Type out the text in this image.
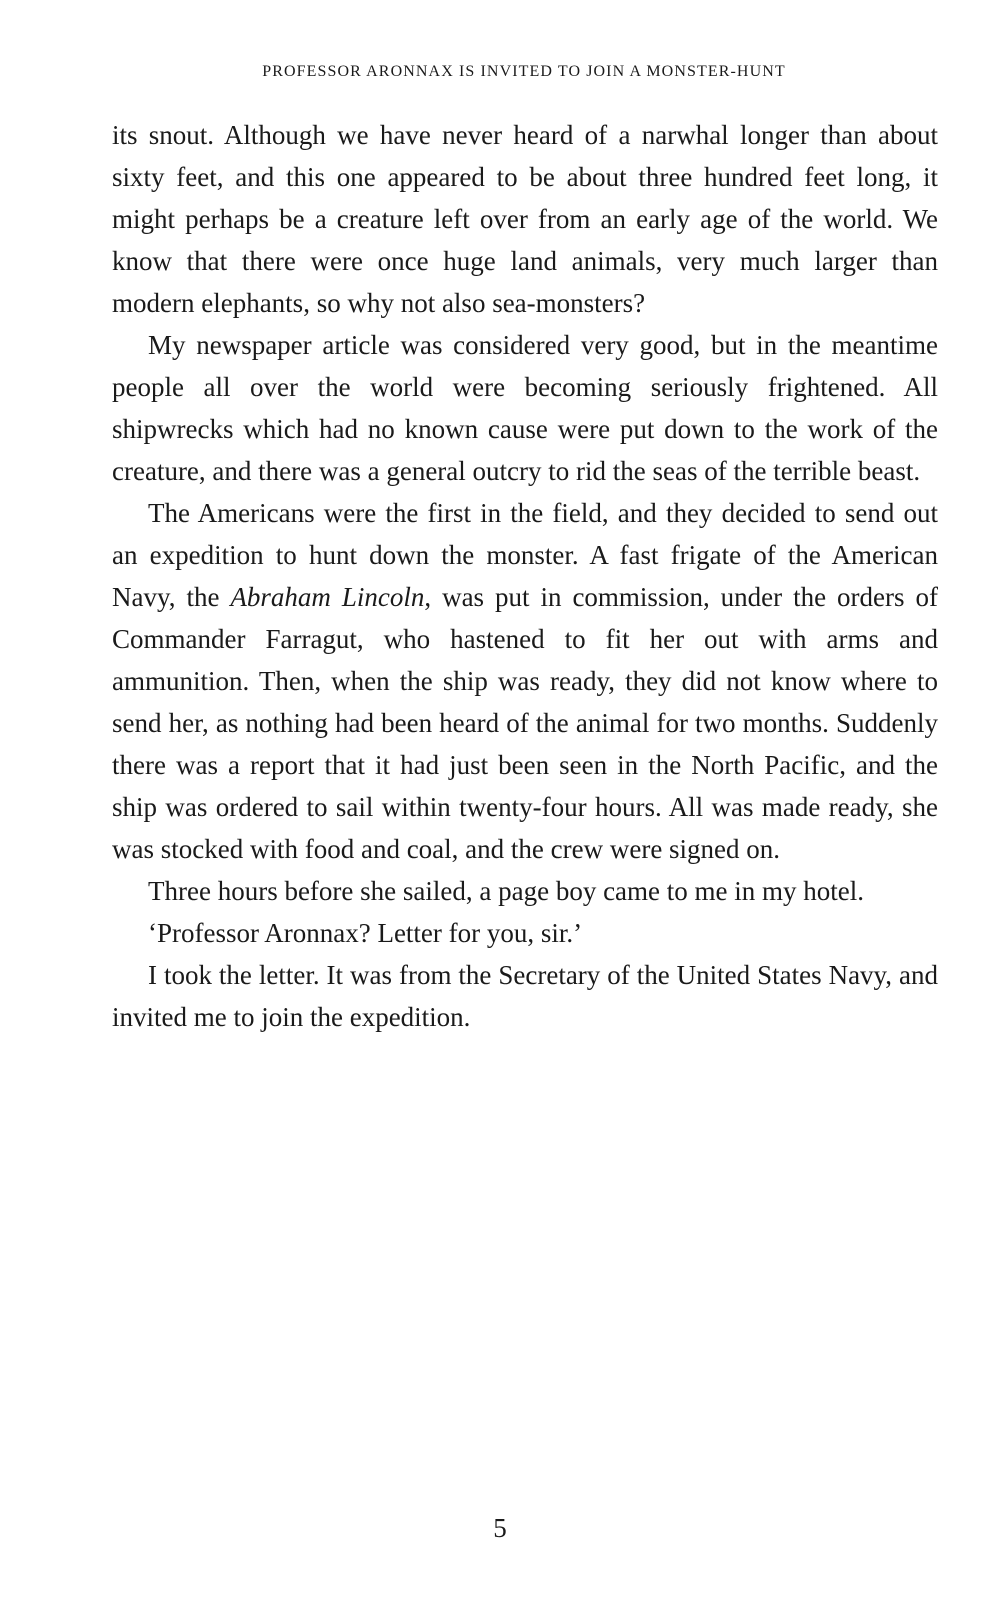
PROFESSOR ARONNAX IS INVITED TO JOIN A MONSTER-HUNT

its snout. Although we have never heard of a narwhal longer than about sixty feet, and this one appeared to be about three hundred feet long, it might perhaps be a creature left over from an early age of the world. We know that there were once huge land animals, very much larger than modern elephants, so why not also sea-monsters?

My newspaper article was considered very good, but in the meantime people all over the world were becoming seriously frightened. All shipwrecks which had no known cause were put down to the work of the creature, and there was a general outcry to rid the seas of the terrible beast.

The Americans were the first in the field, and they decided to send out an expedition to hunt down the monster. A fast frigate of the American Navy, the Abraham Lincoln, was put in commission, under the orders of Commander Farragut, who hastened to fit her out with arms and ammunition. Then, when the ship was ready, they did not know where to send her, as nothing had been heard of the animal for two months. Suddenly there was a report that it had just been seen in the North Pacific, and the ship was ordered to sail within twenty-four hours. All was made ready, she was stocked with food and coal, and the crew were signed on.

Three hours before she sailed, a page boy came to me in my hotel.

‘Professor Aronnax? Letter for you, sir.’

I took the letter. It was from the Secretary of the United States Navy, and invited me to join the expedition.

5
